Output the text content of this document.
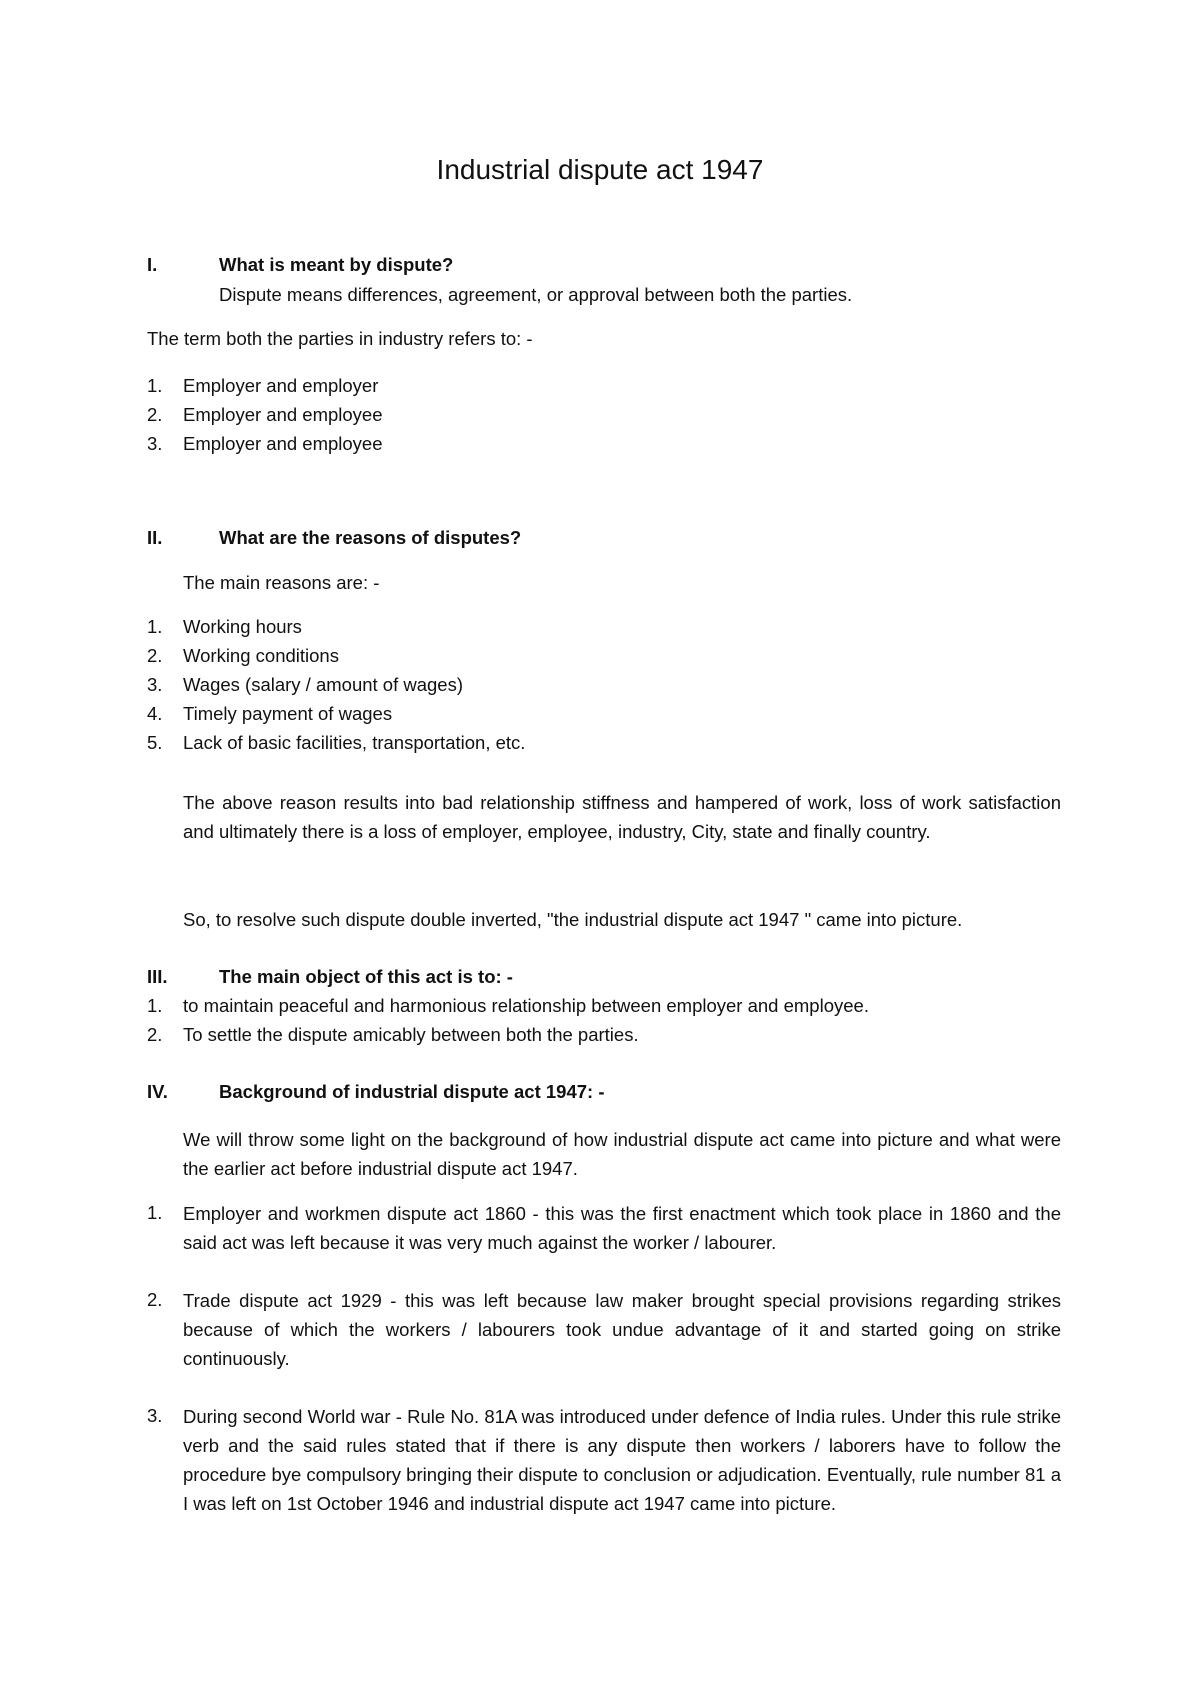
Industrial dispute act 1947
I.	What is meant by dispute?
Dispute means differences, agreement, or approval between both the parties.
The term both the parties in industry refers to: -
1. Employer and employer
2. Employer and employee
3. Employer and employee
II.	What are the reasons of disputes?
The main reasons are: -
1. Working hours
2. Working conditions
3. Wages (salary / amount of wages)
4. Timely payment of wages
5. Lack of basic facilities, transportation, etc.
The above reason results into bad relationship stiffness and hampered of work, loss of work satisfaction and ultimately there is a loss of employer, employee, industry, City, state and finally country.
So, to resolve such dispute double inverted, "the industrial dispute act 1947 " came into picture.
III.	The main object of this act is to: -
1. to maintain peaceful and harmonious relationship between employer and employee.
2. To settle the dispute amicably between both the parties.
IV.	Background of industrial dispute act 1947: -
We will throw some light on the background of how industrial dispute act came into picture and what were the earlier act before industrial dispute act 1947.
1. Employer and workmen dispute act 1860 - this was the first enactment which took place in 1860 and the said act was left because it was very much against the worker / labourer.
2. Trade dispute act 1929 - this was left because law maker brought special provisions regarding strikes because of which the workers / labourers took undue advantage of it and started going on strike continuously.
3. During second World war - Rule No. 81A was introduced under defence of India rules. Under this rule strike verb and the said rules stated that if there is any dispute then workers / laborers have to follow the procedure bye compulsory bringing their dispute to conclusion or adjudication. Eventually, rule number 81 a I was left on 1st October 1946 and industrial dispute act 1947 came into picture.
